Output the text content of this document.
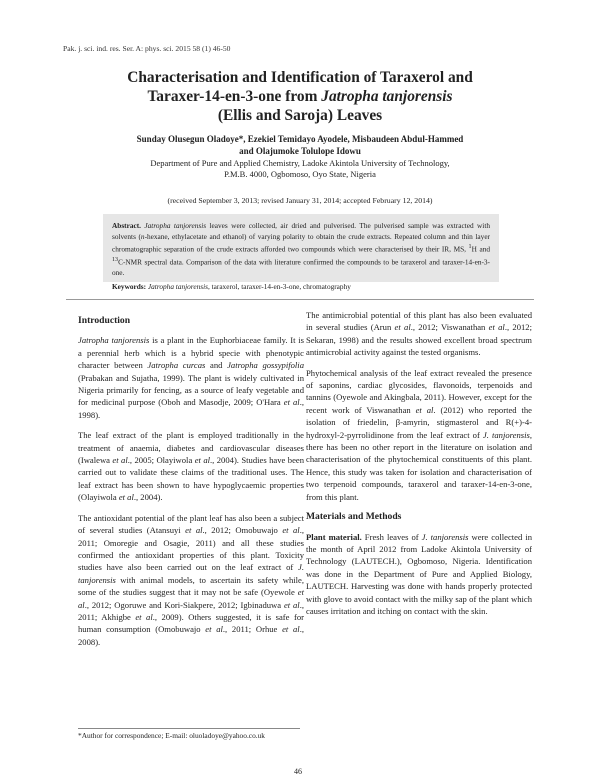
Pak. j. sci. ind. res. Ser. A: phys. sci. 2015 58 (1) 46-50
Characterisation and Identification of Taraxerol and
Taraxer-14-en-3-one from Jatropha tanjorensis
(Ellis and Saroja) Leaves
Sunday Olusegun Oladoye*, Ezekiel Temidayo Ayodele, Misbaudeen Abdul-Hammed
and Olajumoke Tolulope Idowu
Department of Pure and Applied Chemistry, Ladoke Akintola University of Technology,
P.M.B. 4000, Ogbomoso, Oyo State, Nigeria
(received September 3, 2013; revised January 31, 2014; accepted February 12, 2014)
Abstract. Jatropha tanjorensis leaves were collected, air dried and pulverised. The pulverised sample was extracted with solvents (n-hexane, ethylacetate and ethanol) of varying polarity to obtain the crude extracts. Repeated column and thin layer chromatographic separation of the crude extracts afforded two compounds which were characterised by their IR, MS, $^1$H and $^{13}$C-NMR spectral data. Comparison of the data with literature confirmed the compounds to be taraxerol and taraxer-14-en-3-one.
Keywords: Jatropha tanjorensis, taraxerol, taraxer-14-en-3-one, chromatography
Introduction

Jatropha tanjorensis is a plant in the Euphorbiaceae family. It is a perennial herb which is a hybrid specie with phenotypic character between Jatropha curcas and Jatropha gossypifolia (Prabakan and Sujatha, 1999). The plant is widely cultivated in Nigeria primarily for fencing, as a source of leafy vegetable and for medicinal purpose (Oboh and Masodje, 2009; O'Hara et al., 1998).

The leaf extract of the plant is employed traditionally in the treatment of anaemia, diabetes and cardiovascular diseases (Iwalewa et al., 2005; Olayiwola et al., 2004). Studies have been carried out to validate these claims of the traditional uses. The leaf extract has been shown to have hypoglycaemic properties (Olayiwola et al., 2004).

The antioxidant potential of the plant leaf has also been a subject of several studies (Atansuyi et al., 2012; Omobuwajo et al., 2011; Omoregie and Osagie, 2011) and all these studies confirmed the antioxidant properties of this plant. Toxicity studies have also been carried out on the leaf extract of J. tanjorensis with animal models, to ascertain its safety while, some of the studies suggest that it may not be safe (Oyewole et al., 2012; Ogoruwe and Kori-Siakpere, 2012; Igbinaduwa et al., 2011; Akhigbe et al., 2009). Others suggested, it is safe for human consumption (Omobuwajo et al., 2011; Orhue et al., 2008).

The antimicrobial potential of this plant has also been evaluated in several studies (Arun et al., 2012; Viswanathan et al., 2012; Sekaran, 1998) and the results showed excellent broad spectrum antimicrobial activity against the tested organisms.

Phytochemical analysis of the leaf extract revealed the presence of saponins, cardiac glycosides, flavonoids, terpenoids and tannins (Oyewole and Akingbala, 2011). However, except for the recent work of Viswanathan et al. (2012) who reported the isolation of friedelin, β-amyrin, stigmasterol and R(+)-4-hydroxyl-2-pyrrolidinone from the leaf extract of J. tanjorensis, there has been no other report in the literature on isolation and characterisation of the phytochemical constituents of this plant. Hence, this study was taken for isolation and characterisation of two terpenoid compounds, taraxerol and taraxer-14-en-3-one, from this plant.

Materials and Methods

Plant material. Fresh leaves of J. tanjorensis were collected in the month of April 2012 from Ladoke Akintola University of Technology (LAUTECH.), Ogbomoso, Nigeria. Identification was done in the Department of Pure and Applied Biology, LAUTECH. Harvesting was done with hands properly protected with glove to avoid contact with the milky sap of the plant which causes irritation and itching on contact with the skin.

*Author for correspondence; E-mail: oluoladoye@yahoo.co.uk
46
